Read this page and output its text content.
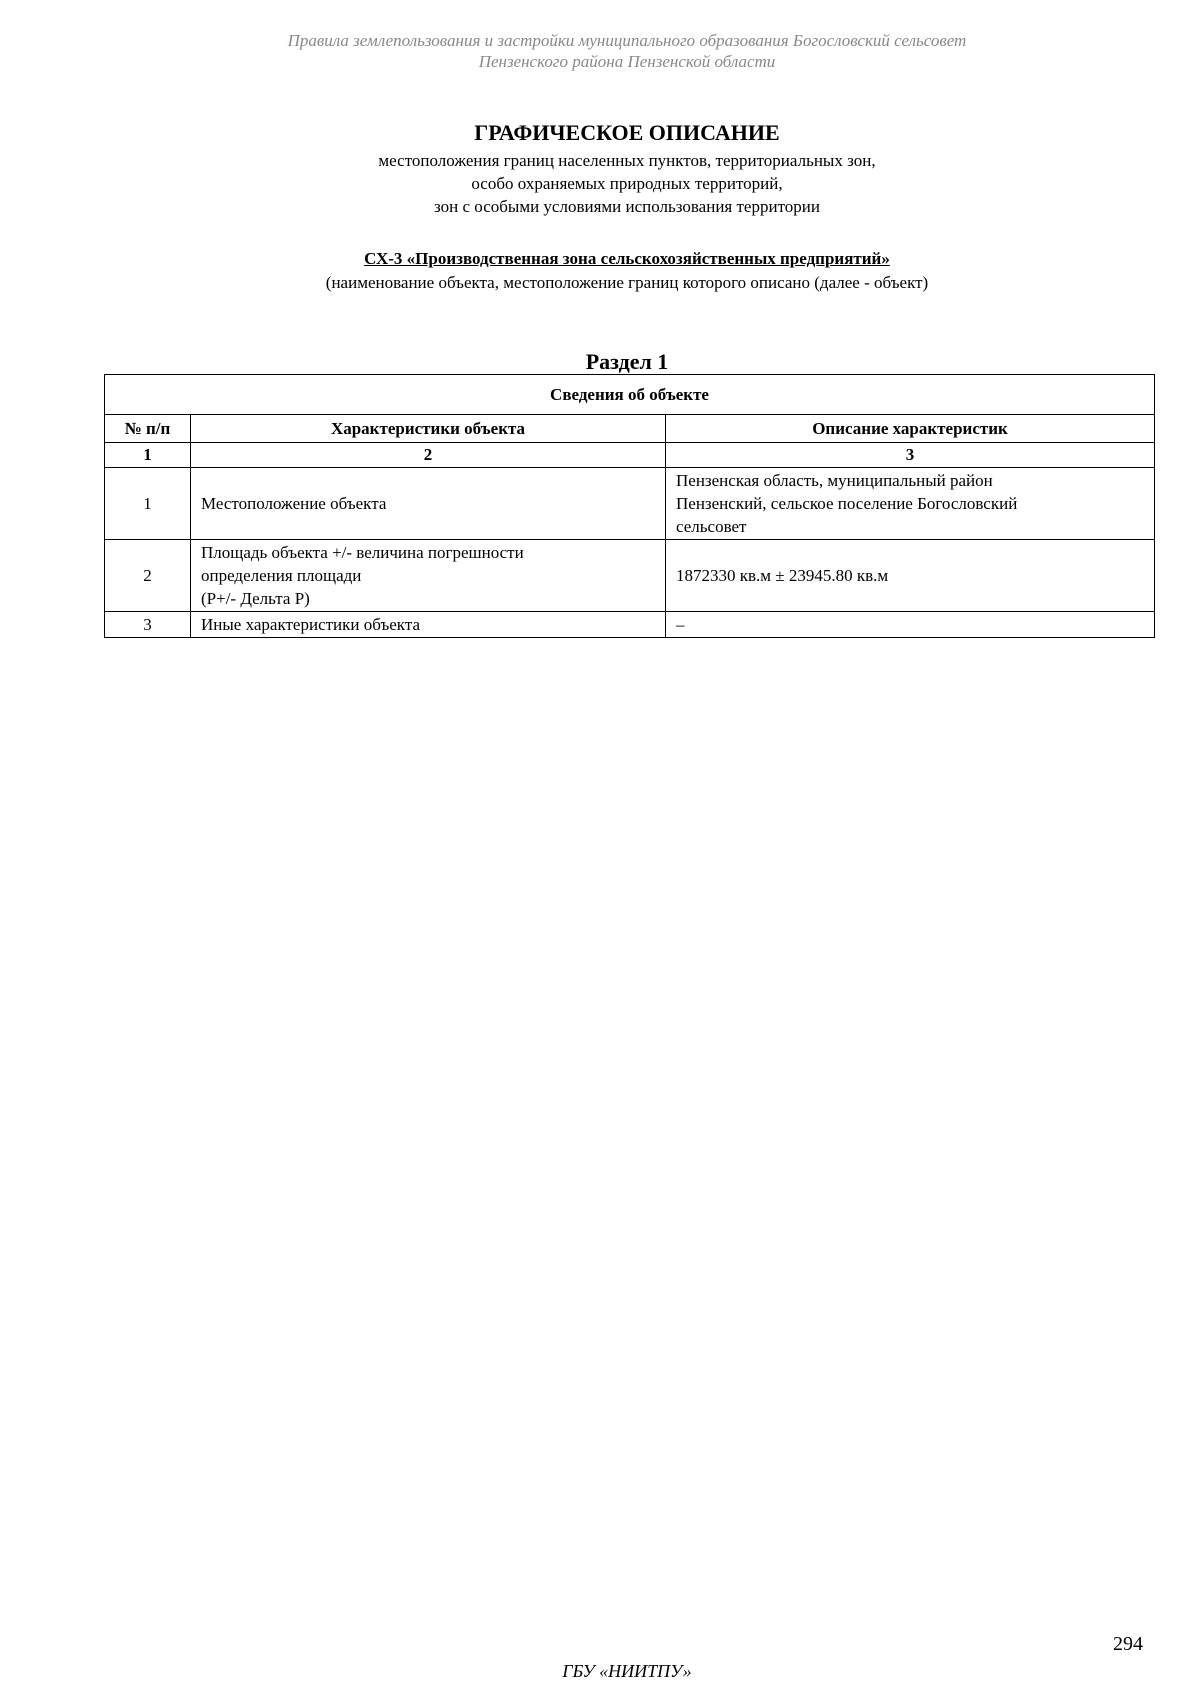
Правила землепользования и застройки муниципального образования Богословский сельсовет
Пензенского района Пензенской области
ГРАФИЧЕСКОЕ ОПИСАНИЕ
местоположения границ населенных пунктов, территориальных зон,
особо охраняемых природных территорий,
зон с особыми условиями использования территории
СХ-3 «Производственная зона сельскохозяйственных предприятий»
(наименование объекта, местоположение границ которого описано (далее - объект)
Раздел 1
Сведения об объекте		
№ п/п	Характеристики объекта	Описание характеристик
1	2	3
1	Местоположение объекта	Пензенская область, муниципальный район
Пензенский, сельское поселение Богословский
сельсовет

2	Площадь объекта +/- величина погрешности
определения площади
(Р+/- Дельта Р)	1872330 кв.м ± 23945.80 кв.м

3	Иные характеристики объекта	–
294
ГБУ «НИИТПУ»
